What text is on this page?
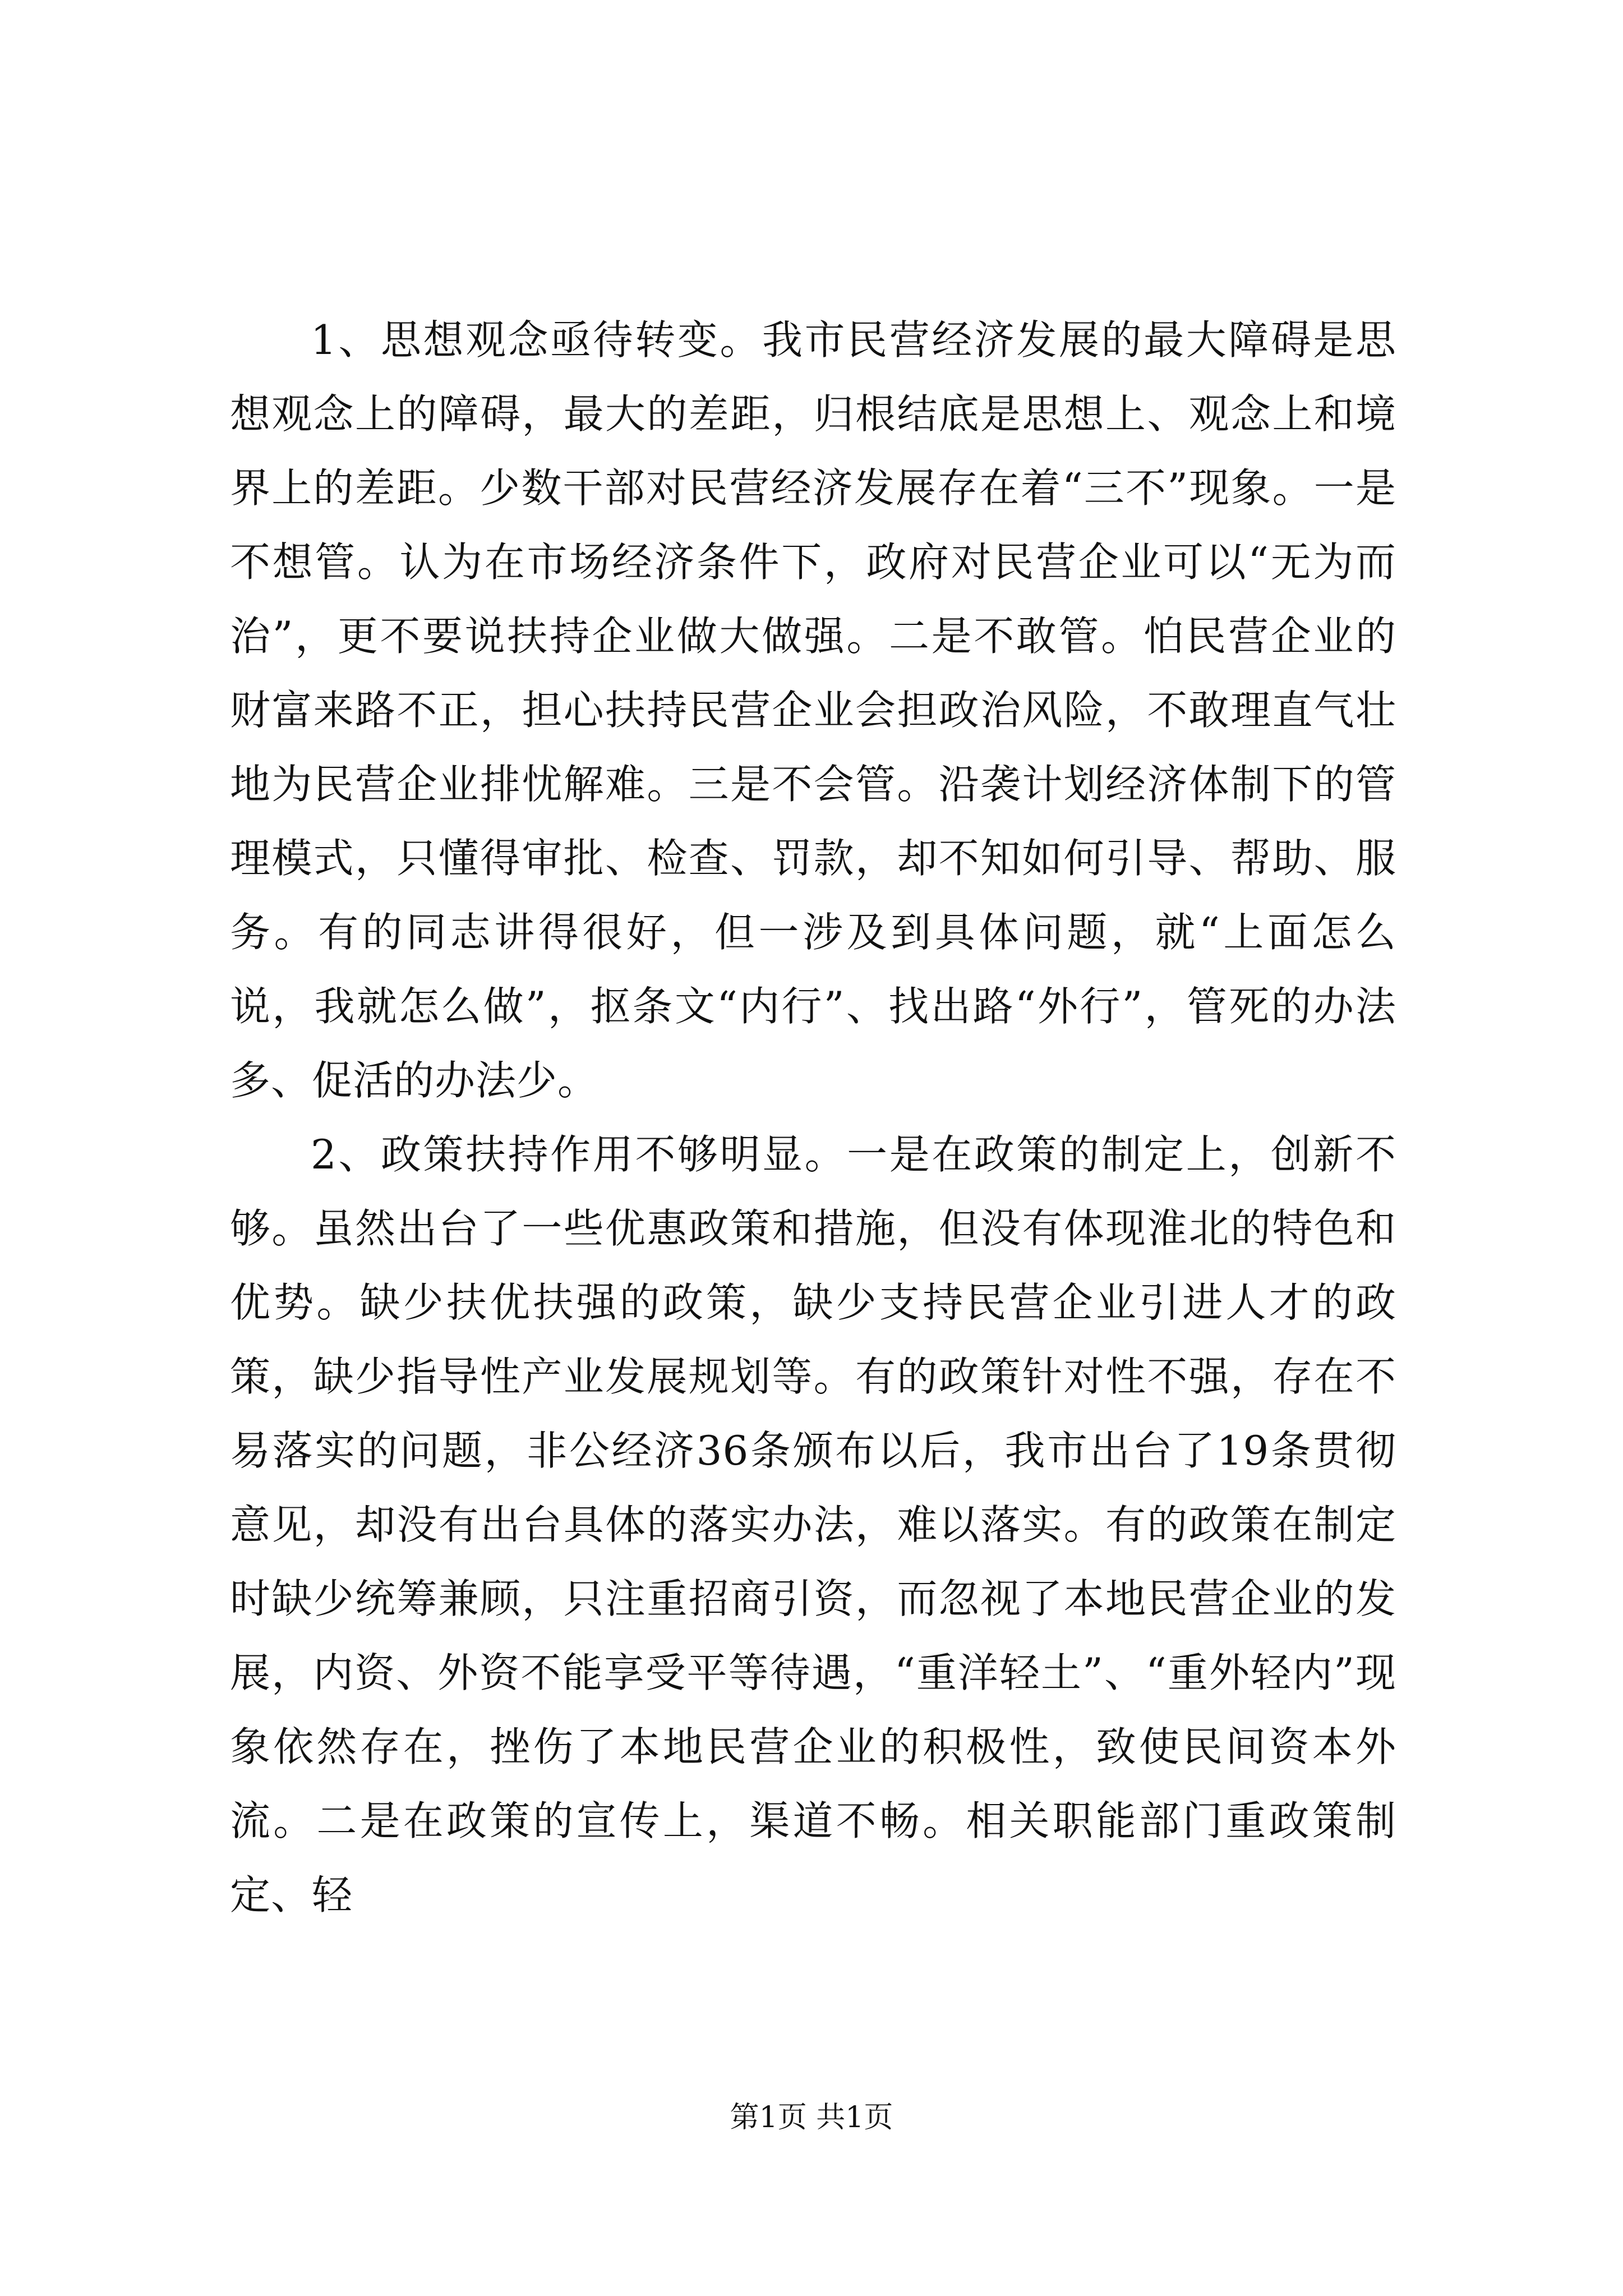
1、思想观念亟待转变。我市民营经济发展的最大障碍是思想观念上的障碍，最大的差距，归根结底是思想上、观念上和境界上的差距。少数干部对民营经济发展存在着“三不”现象。一是不想管。认为在市场经济条件下，政府对民营企业可以“无为而治”，更不要说扶持企业做大做强。二是不敢管。怕民营企业的财富来路不正，担心扶持民营企业会担政治风险，不敢理直气壮地为民营企业排忧解难。三是不会管。沿袭计划经济体制下的管理模式，只懂得审批、检查、罚款，却不知如何引导、帮助、服务。有的同志讲得很好，但一涉及到具体问题，就“上面怎么说，我就怎么做”，抠条文“内行”、找出路“外行”，管死的办法多、促活的办法少。

2、政策扶持作用不够明显。一是在政策的制定上，创新不够。虽然出台了一些优惠政策和措施，但没有体现淮北的特色和优势。缺少扶优扶强的政策，缺少支持民营企业引进人才的政策，缺少指导性产业发展规划等。有的政策针对性不强，存在不易落实的问题，非公经济36条颁布以后，我市出台了19条贯彻意见，却没有出台具体的落实办法，难以落实。有的政策在制定时缺少统筹兼顾，只注重招商引资，而忽视了本地民营企业的发展，内资、外资不能享受平等待遇，“重洋轻土”、“重外轻内”现象依然存在，挫伤了本地民营企业的积极性，致使民间资本外流。二是在政策的宣传上，渠道不畅。相关职能部门重政策制定、轻

第1页 共1页
